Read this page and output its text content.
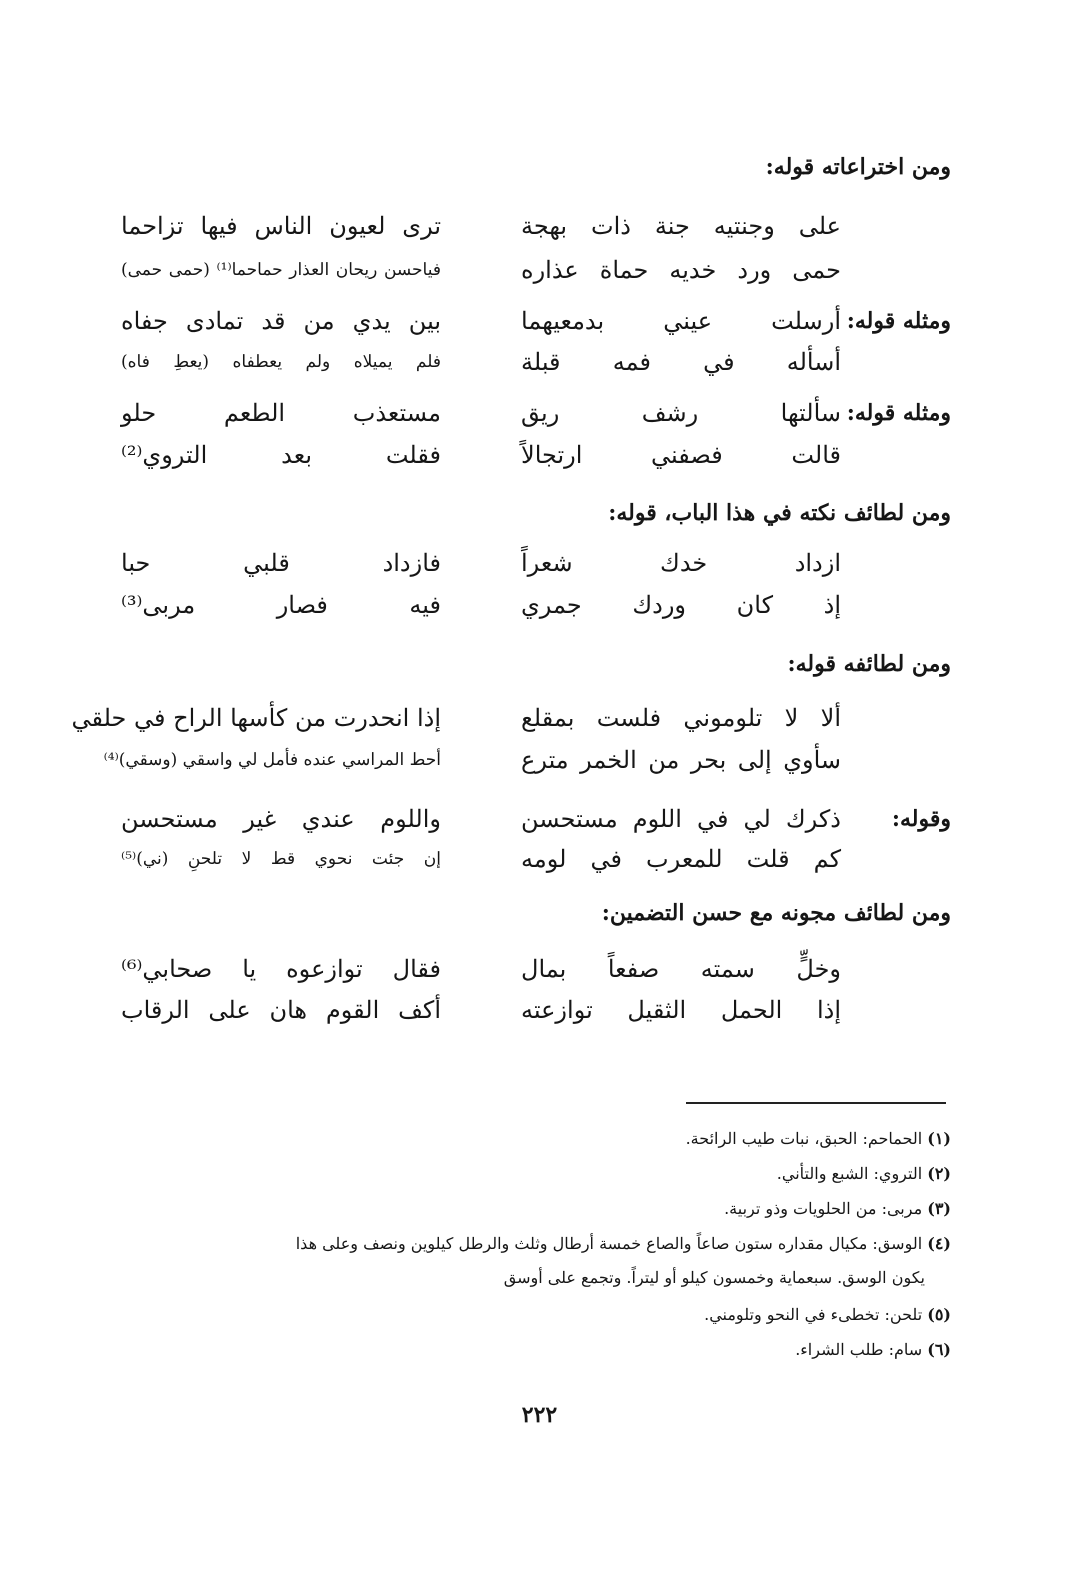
ومن اختراعاته قوله:
على وجنتيه جنة ذات بهجة
ترى لعيون الناس فيها تزاحما
حمى ورد خديه حماة عذاره
فياحسن ريحان العذار حماحما⁽¹⁾ (حمى حمى)
ومثله قوله:
أرسلت عيني بدمعيهما
بين يدي من قد تمادى جفاه
أسأله في فمه قبلة
فلم يميلاه ولم يعطفاه (يعطِ فاه)
ومثله قوله:
سألتها رشف ريق
مستعذب الطعم حلو
قالت فصفني ارتجالاً
فقلت بعد التروي⁽²⁾
ومن لطائف نكته في هذا الباب، قوله:
ازداد خدك شعراً
فازداد قلبي حبا
إذ كان وردك جمري
فيه فصار مربى⁽³⁾
ومن لطائفه قوله:
ألا لا تلوموني فلست بمقلع
إذا انحدرت من كأسها الراح في حلقي
سأوي إلى بحر من الخمر مترع
أحط المراسي عنده فأمل لي واسقي (وسقي)⁽⁴⁾
وقوله:
ذكرك لي في اللوم مستحسن
واللوم عندي غير مستحسن
كم قلت للمعرب في لومه
إن جئت نحوي قط لا تلحنِ (ني)⁽⁵⁾
ومن لطائف مجونه مع حسن التضمين:
وخلٍّ سمته صفعاً بمال
فقال توازعوه يا صحابي⁽⁶⁾
إذا الحمل الثقيل توازعته
أكف القوم هان على الرقاب
(١) الحماحم: الحبق، نبات طيب الرائحة.
(٢) التروي: الشبع والتأني.
(٣) مربى: من الحلويات وذو تربية.
(٤) الوسق: مكيال مقداره ستون صاعاً والصاع خمسة أرطال وثلث والرطل كيلوين ونصف وعلى هذا
يكون الوسق. سبعماية وخمسون كيلو أو ليتراً. وتجمع على أوسق
(٥) تلحن: تخطىء في النحو وتلومني.
(٦) سام: طلب الشراء.
٢٢٢
